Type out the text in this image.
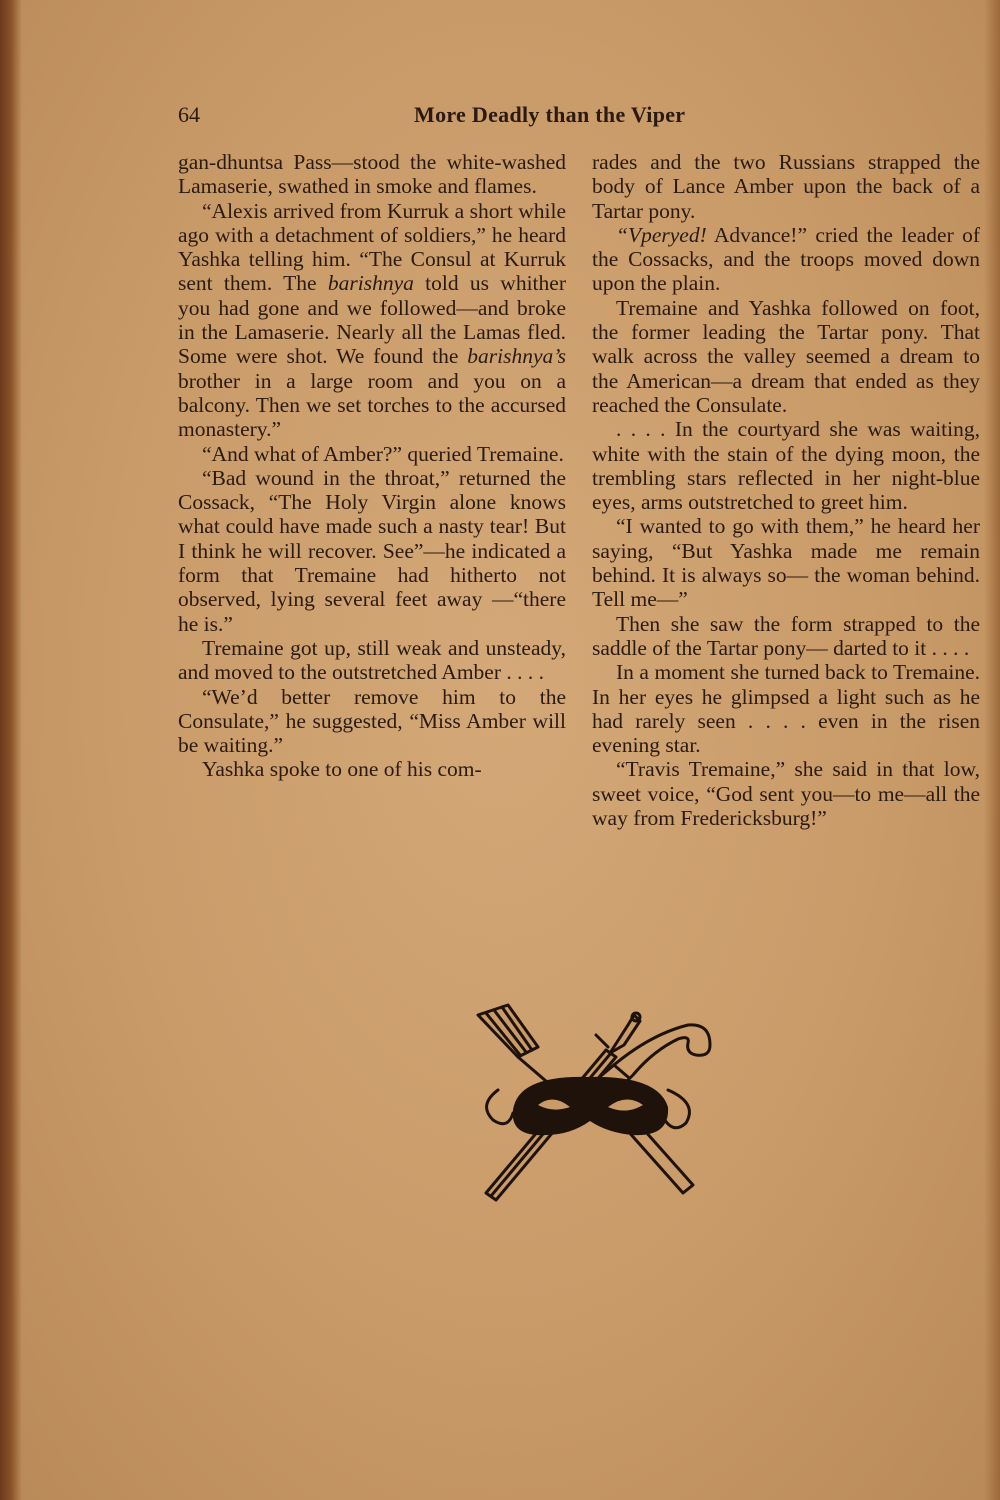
64	More Deadly than the Viper

gan-dhuntsa Pass—stood the white-washed Lamaserie, swathed in smoke and flames.

“Alexis arrived from Kurruk a short while ago with a detachment of soldiers,” he heard Yashka telling him. “The Consul at Kurruk sent them. The barishnya told us whither you had gone and we followed—and broke in the Lamaserie. Nearly all the Lamas fled. Some were shot. We found the barishnya’s brother in a large room and you on a balcony. Then we set torches to the accursed monastery.”

“And what of Amber?” queried Tremaine.

“Bad wound in the throat,” returned the Cossack, “The Holy Virgin alone knows what could have made such a nasty tear! But I think he will recover. See”—he indicated a form that Tremaine had hitherto not observed, lying several feet away —“there he is.”

Tremaine got up, still weak and unsteady, and moved to the outstretched Amber . . . .

“We’d better remove him to the Consulate,” he suggested, “Miss Amber will be waiting.”

Yashka spoke to one of his com-

rades and the two Russians strapped the body of Lance Amber upon the back of a Tartar pony.

“Vperyed! Advance!” cried the leader of the Cossacks, and the troops moved down upon the plain.

Tremaine and Yashka followed on foot, the former leading the Tartar pony. That walk across the valley seemed a dream to the American—a dream that ended as they reached the Consulate.

. . . . In the courtyard she was waiting, white with the stain of the dying moon, the trembling stars reflected in her night-blue eyes, arms outstretched to greet him.

“I wanted to go with them,” he heard her saying, “But Yashka made me remain behind. It is always so— the woman behind. Tell me—”

Then she saw the form strapped to the saddle of the Tartar pony— darted to it . . . .

In a moment she turned back to Tremaine. In her eyes he glimpsed a light such as he had rarely seen . . . . even in the risen evening star.

“Travis Tremaine,” she said in that low, sweet voice, “God sent you—to me—all the way from Fredericksburg!”
